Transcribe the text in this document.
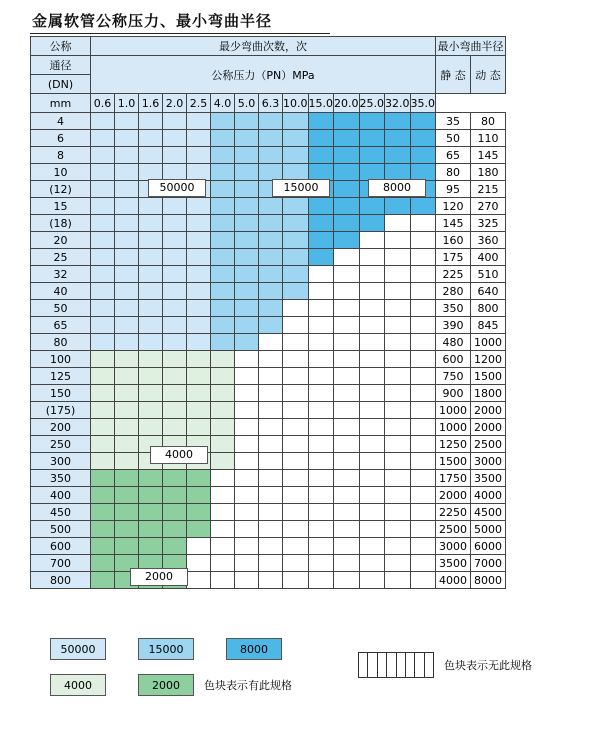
金属软管公称压力、最小弯曲半径
公称	最少弯曲次数，次														最小弯曲半径	
通径	公称压力（PN）MPa														静 态	动 态
(DN)																
mm	0.6	1.0	1.6	2.0	2.5	4.0	5.0	6.3	10.0	15.0	20.0	25.0	32.0	35.0		
4															35	80
6															50	110
8															65	145
10															80	180
(12)															95	215
15															120	270
(18)															145	325
20															160	360
25															175	400
32															225	510
40															280	640
50															350	800
65															390	845
80															480	1000
100															600	1200
125															750	1500
150															900	1800
(175)															1000	2000
200															1000	2000
250															1250	2500
300															1500	3000
350															1750	3500
400															2000	4000
450															2250	4500
500															2500	5000
600															3000	6000
700															3500	7000
800															4000	8000
50000	15000	8000
4000
2000
50000	15000	8000
4000	2000	色块表示有此规格
色块表示无此规格
